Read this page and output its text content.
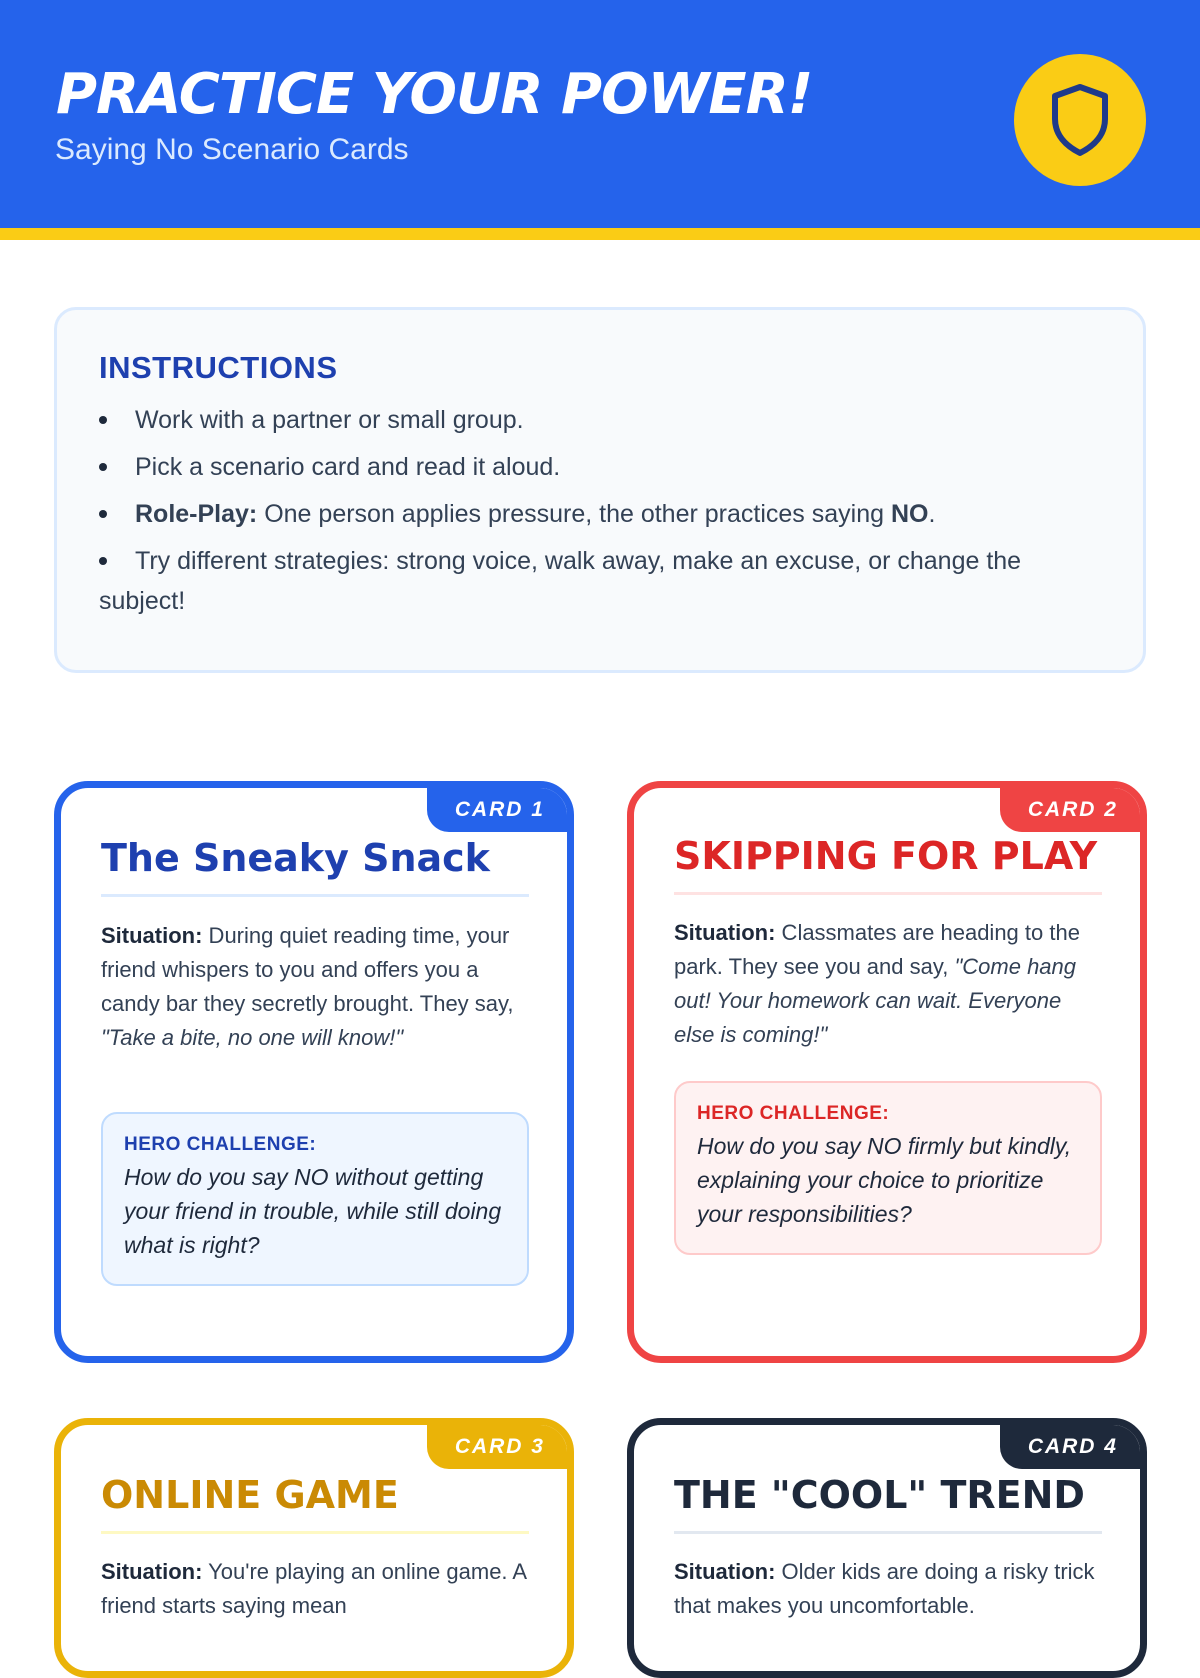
PRACTICE YOUR POWER!
Saying No Scenario Cards
INSTRUCTIONS
Work with a partner or small group.
Pick a scenario card and read it aloud.
Role-Play: One person applies pressure, the other practices saying NO.
Try different strategies: strong voice, walk away, make an excuse, or change the subject!
CARD 1
The Sneaky Snack
Situation: During quiet reading time, your friend whispers to you and offers you a candy bar they secretly brought. They say, "Take a bite, no one will know!"
HERO CHALLENGE:
How do you say NO without getting your friend in trouble, while still doing what is right?
CARD 2
SKIPPING FOR PLAY
Situation: Classmates are heading to the park. They see you and say, "Come hang out! Your homework can wait. Everyone else is coming!"
HERO CHALLENGE:
How do you say NO firmly but kindly, explaining your choice to prioritize your responsibilities?
CARD 3
ONLINE GAME
Situation: You're playing an online game. A friend starts saying mean
CARD 4
THE "COOL" TREND
Situation: Older kids are doing a risky trick that makes you uncomfortable.
